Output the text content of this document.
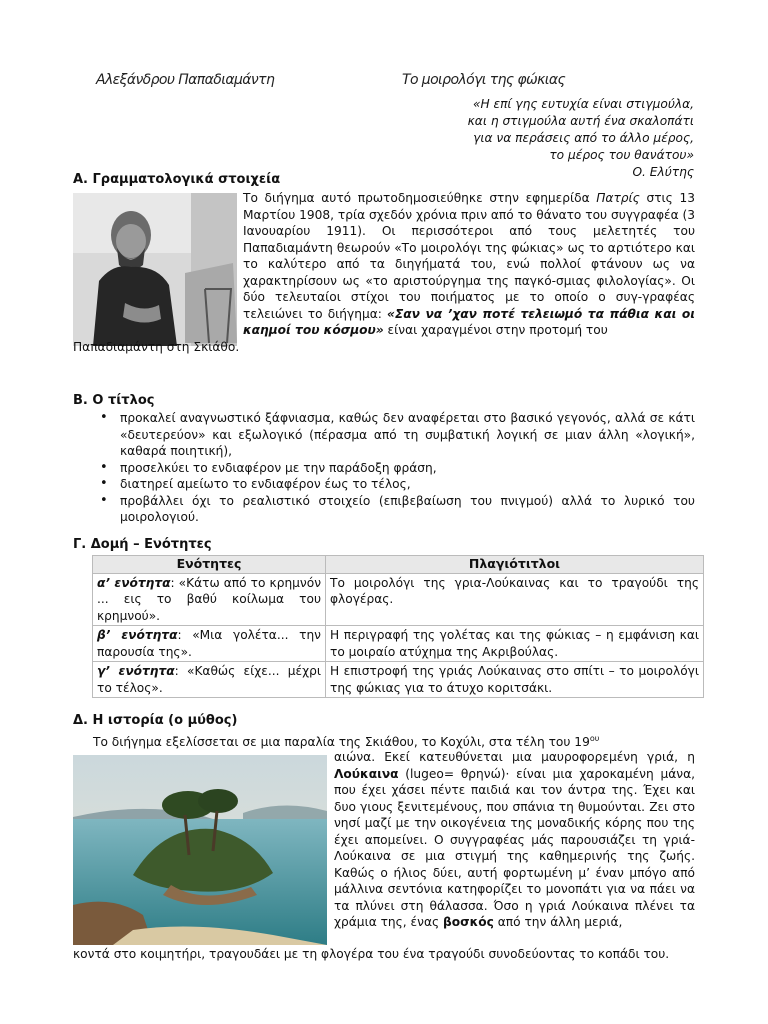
Αλεξάνδρου Παπαδιαμάντη	Το μοιρολόγι της φώκιας
«Η επί γης ευτυχία είναι στιγμούλα,
και η στιγμούλα αυτή ένα σκαλοπάτι
για να περάσεις από το άλλο μέρος,
το μέρος του θανάτου»
Ο. Ελύτης
Α. Γραμματολογικά στοιχεία
Το διήγημα αυτό πρωτοδημοσιεύθηκε στην εφημερίδα Πατρίς στις 13 Μαρτίου 1908, τρία σχεδόν χρόνια πριν από το θάνατο του συγγραφέα (3 Ιανουαρίου 1911). Οι περισσότεροι από τους μελετητές του Παπαδιαμάντη θεωρούν «Το μοιρολόγι της φώκιας» ως το αρτιότερο και το καλύτερο από τα διηγήματά του, ενώ πολλοί φτάνουν ως να χαρακτηρίσουν ως «το αριστούργημα της παγκό-σμιας φιλολογίας». Οι δύο τελευταίοι στίχοι του ποιήματος με το οποίο ο συγ-γραφέας τελειώνει το διήγημα: «Σαν να ’χαν ποτέ τελειωμό τα πάθια και οι καημοί του κόσμου» είναι χαραγμένοι στην προτομή του
Παπαδιαμάντη στη Σκιάθο.
Β. Ο τίτλος
• προκαλεί αναγνωστικό ξάφνιασμα, καθώς δεν αναφέρεται στο βασικό γεγονός, αλλά σε κάτι «δευτερεύον» και εξωλογικό (πέρασμα από τη συμβατική λογική σε μιαν άλλη «λογική», καθαρά ποιητική),
• προσελκύει το ενδιαφέρον με την παράδοξη φράση,
• διατηρεί αμείωτο το ενδιαφέρον έως το τέλος,
• προβάλλει όχι το ρεαλιστικό στοιχείο (επιβεβαίωση του πνιγμού) αλλά το λυρικό του μοιρολογιού.
Γ. Δομή – Ενότητες
Ενότητες	Πλαγιότιτλοι
α’ ενότητα: «Κάτω από το κρημνόν ... εις το βαθύ κοίλωμα του κρημνού».	Το μοιρολόγι της γρια-Λούκαινας και το τραγούδι της φλογέρας.
β’ ενότητα: «Μια γολέτα... την παρουσία της».	Η περιγραφή της γολέτας και της φώκιας – η εμφάνιση και το μοιραίο ατύχημα της Ακριβούλας.
γ’ ενότητα: «Καθώς είχε... μέχρι το τέλος».	Η επιστροφή της γριάς Λούκαινας στο σπίτι – το μοιρολόγι της φώκιας για το άτυχο κοριτσάκι.
Δ. Η ιστορία (ο μύθος)
Το διήγημα εξελίσσεται σε μια παραλία της Σκιάθου, το Κοχύλι, στα τέλη του $19^{o\upsilon}$
αιώνα. Εκεί κατευθύνεται μια μαυροφορεμένη γριά, η Λούκαινα (lugeo= θρηνώ)· είναι μια χαροκαμένη μάνα, που έχει χάσει πέντε παιδιά και τον άντρα της. Έχει και δυο γιους ξενιτεμένους, που σπάνια τη θυμούνται. Ζει στο νησί μαζί με την οικογένεια της μοναδικής κόρης που της έχει απομείνει. Ο συγγραφέας μάς παρουσιάζει τη γριά-Λούκαινα σε μια στιγμή της καθημερινής της ζωής. Καθώς ο ήλιος δύει, αυτή φορτωμένη μ’ έναν μπόγο από μάλλινα σεντόνια κατηφορίζει το μονοπάτι για να πάει να τα πλύνει στη θάλασσα. Όσο η γριά Λούκαινα πλένει τα χράμια της, ένας βοσκός από την άλλη μεριά,
κοντά στο κοιμητήρι, τραγουδάει με τη φλογέρα του ένα τραγούδι συνοδεύοντας το κοπάδι του.
